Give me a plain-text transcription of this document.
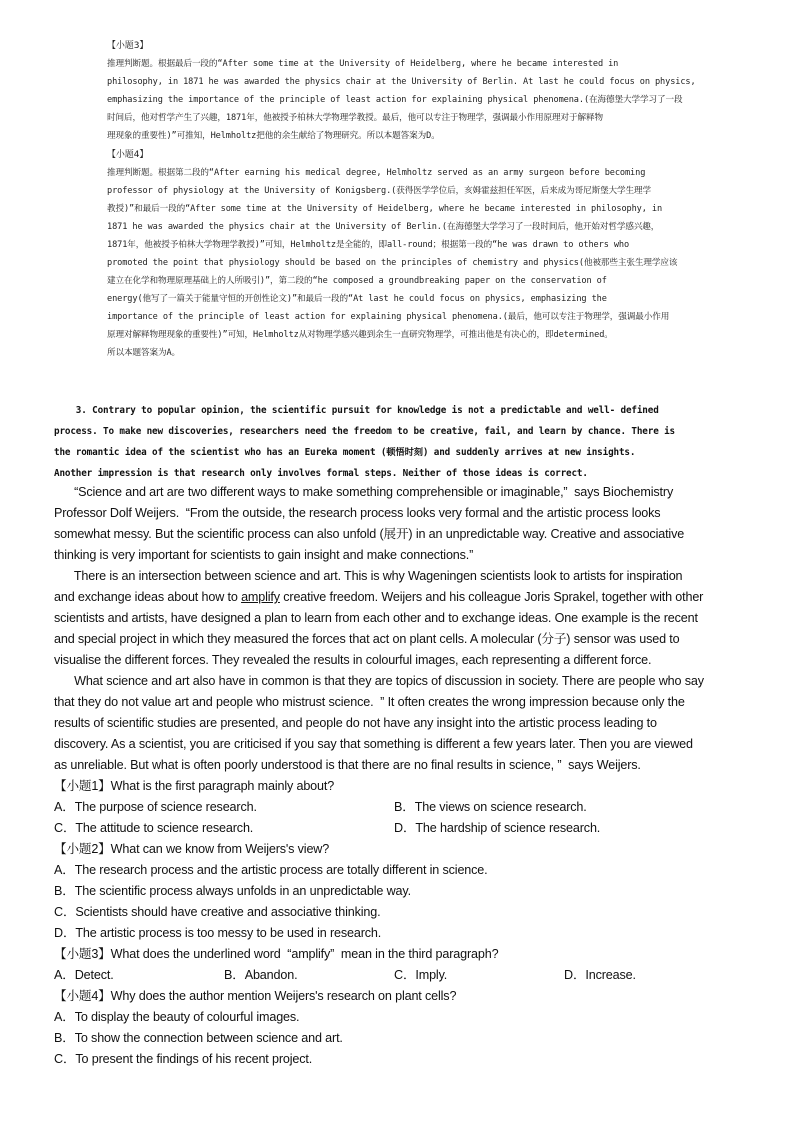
【小题3】
推理判断题。根据最后一段的“After some time at the University of Heidelberg, where he became interested in
philosophy, in 1871 he was awarded the physics chair at the University of Berlin. At last he could focus on physics,
emphasizing the importance of the principle of least action for explaining physical phenomena.(在海德堡大学学习了一段
时间后，他对哲学产生了兴趣，1871年，他被授予柏林大学物理学教授。最后，他可以专注于物理学，强调最小作用原理对于解释物
理现象的重要性)”可推知，Helmholtz把他的余生献给了物理研究。所以本题答案为D。
【小题4】
推理判断题。根据第二段的“After earning his medical degree, Helmholtz served as an army surgeon before becoming
professor of physiology at the University of Konigsberg.(获得医学学位后，亥姆霍兹担任军医，后来成为哥尼斯堡大学生理学
教授)”和最后一段的“After some time at the University of Heidelberg, where he became interested in philosophy, in
1871 he was awarded the physics chair at the University of Berlin.(在海德堡大学学习了一段时间后，他开始对哲学感兴趣，
1871年，他被授予柏林大学物理学教授)”可知，Helmholtz是全能的，即all-round；根据第一段的“he was drawn to others who
promoted the point that physiology should be based on the principles of chemistry and physics(他被那些主张生理学应该
建立在化学和物理原理基础上的人所吸引)”，第二段的“he composed a groundbreaking paper on the conservation of
energy(他写了一篇关于能量守恒的开创性论文)”和最后一段的“At last he could focus on physics, emphasizing the
importance of the principle of least action for explaining physical phenomena.(最后，他可以专注于物理学，强调最小作用
原理对解释物理现象的重要性)”可知，Helmholtz从对物理学感兴趣到余生一直研究物理学，可推出他是有决心的，即determined。
所以本题答案为A。
3. Contrary to popular opinion, the scientific pursuit for knowledge is not a predictable and well- defined
process. To make new discoveries, researchers need the freedom to be creative, fail, and learn by chance. There is
the romantic idea of the scientist who has an Eureka moment (顿悟时刻) and suddenly arrives at new insights.
Another impression is that research only involves formal steps. Neither of those ideas is correct.
“Science and art are two different ways to make something comprehensible or imaginable,”  says Biochemistry
Professor Dolf Weijers.  “From the outside, the research process looks very formal and the artistic process looks
somewhat messy. But the scientific process can also unfold (展开) in an unpredictable way. Creative and associative
thinking is very important for scientists to gain insight and make connections.”
There is an intersection between science and art. This is why Wageningen scientists look to artists for inspiration
and exchange ideas about how to amplify creative freedom. Weijers and his colleague Joris Sprakel, together with other
scientists and artists, have designed a plan to learn from each other and to exchange ideas. One example is the recent
and special project in which they measured the forces that act on plant cells. A molecular (分子) sensor was used to
visualise the different forces. They revealed the results in colourful images, each representing a different force.
What science and art also have in common is that they are topics of discussion in society. There are people who say
that they do not value art and people who mistrust science.  ” It often creates the wrong impression because only the
results of scientific studies are presented, and people do not have any insight into the artistic process leading to
discovery. As a scientist, you are criticised if you say that something is different a few years later. Then you are viewed
as unreliable. But what is often poorly understood is that there are no final results in science, ”  says Weijers.
【小题1】What is the first paragraph mainly about?
A．The purpose of science research.	B．The views on science research.
C．The attitude to science research.	D．The hardship of science research.
【小题2】What can we know from Weijers's view?
A．The research process and the artistic process are totally different in science.
B．The scientific process always unfolds in an unpredictable way.
C．Scientists should have creative and associative thinking.
D．The artistic process is too messy to be used in research.
【小题3】What does the underlined word  “amplify”  mean in the third paragraph?
A．Detect.	B．Abandon.	C．Imply.	D．Increase.
【小题4】Why does the author mention Weijers's research on plant cells?
A．To display the beauty of colourful images.
B．To show the connection between science and art.
C．To present the findings of his recent project.
